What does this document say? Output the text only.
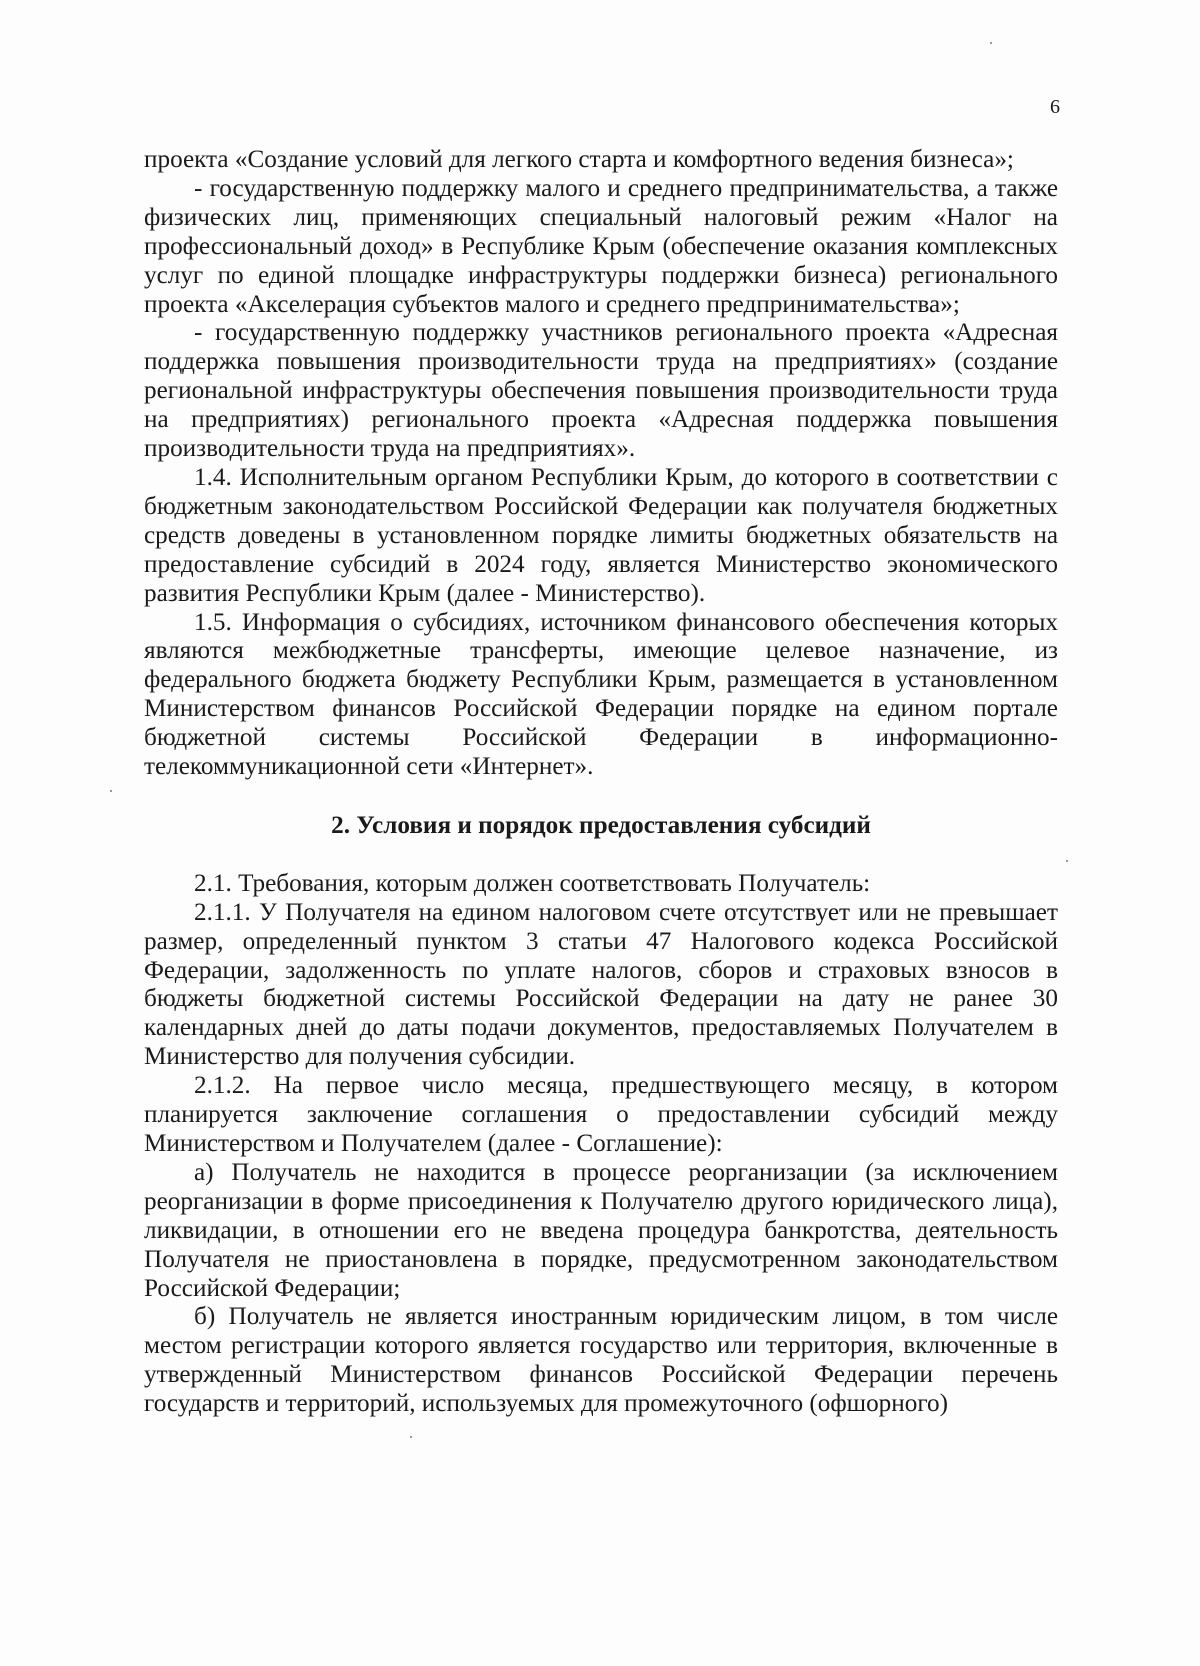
6

проекта «Создание условий для легкого старта и комфортного ведения бизнеса»;

- государственную поддержку малого и среднего предпринимательства, а также физических лиц, применяющих специальный налоговый режим «Налог на профессиональный доход» в Республике Крым (обеспечение оказания комплексных услуг по единой площадке инфраструктуры поддержки бизнеса) регионального проекта «Акселерация субъектов малого и среднего предпринимательства»;

- государственную поддержку участников регионального проекта «Адресная поддержка повышения производительности труда на предприятиях» (создание региональной инфраструктуры обеспечения повышения производительности труда на предприятиях) регионального проекта «Адресная поддержка повышения производительности труда на предприятиях».

1.4. Исполнительным органом Республики Крым, до которого в соответствии с бюджетным законодательством Российской Федерации как получателя бюджетных средств доведены в установленном порядке лимиты бюджетных обязательств на предоставление субсидий в 2024 году, является Министерство экономического развития Республики Крым (далее - Министерство).

1.5. Информация о субсидиях, источником финансового обеспечения которых являются межбюджетные трансферты, имеющие целевое назначение, из федерального бюджета бюджету Республики Крым, размещается в установленном Министерством финансов Российской Федерации порядке на едином портале бюджетной системы Российской Федерации в информационно-телекоммуникационной сети «Интернет».

2. Условия и порядок предоставления субсидий

2.1. Требования, которым должен соответствовать Получатель:

2.1.1. У Получателя на едином налоговом счете отсутствует или не превышает размер, определенный пунктом 3 статьи 47 Налогового кодекса Российской Федерации, задолженность по уплате налогов, сборов и страховых взносов в бюджеты бюджетной системы Российской Федерации на дату не ранее 30 календарных дней до даты подачи документов, предоставляемых Получателем в Министерство для получения субсидии.

2.1.2. На первое число месяца, предшествующего месяцу, в котором планируется заключение соглашения о предоставлении субсидий между Министерством и Получателем (далее - Соглашение):

а) Получатель не находится в процессе реорганизации (за исключением реорганизации в форме присоединения к Получателю другого юридического лица), ликвидации, в отношении его не введена процедура банкротства, деятельность Получателя не приостановлена в порядке, предусмотренном законодательством Российской Федерации;

б) Получатель не является иностранным юридическим лицом, в том числе местом регистрации которого является государство или территория, включенные в утвержденный Министерством финансов Российской Федерации перечень государств и территорий, используемых для промежуточного (офшорного)
